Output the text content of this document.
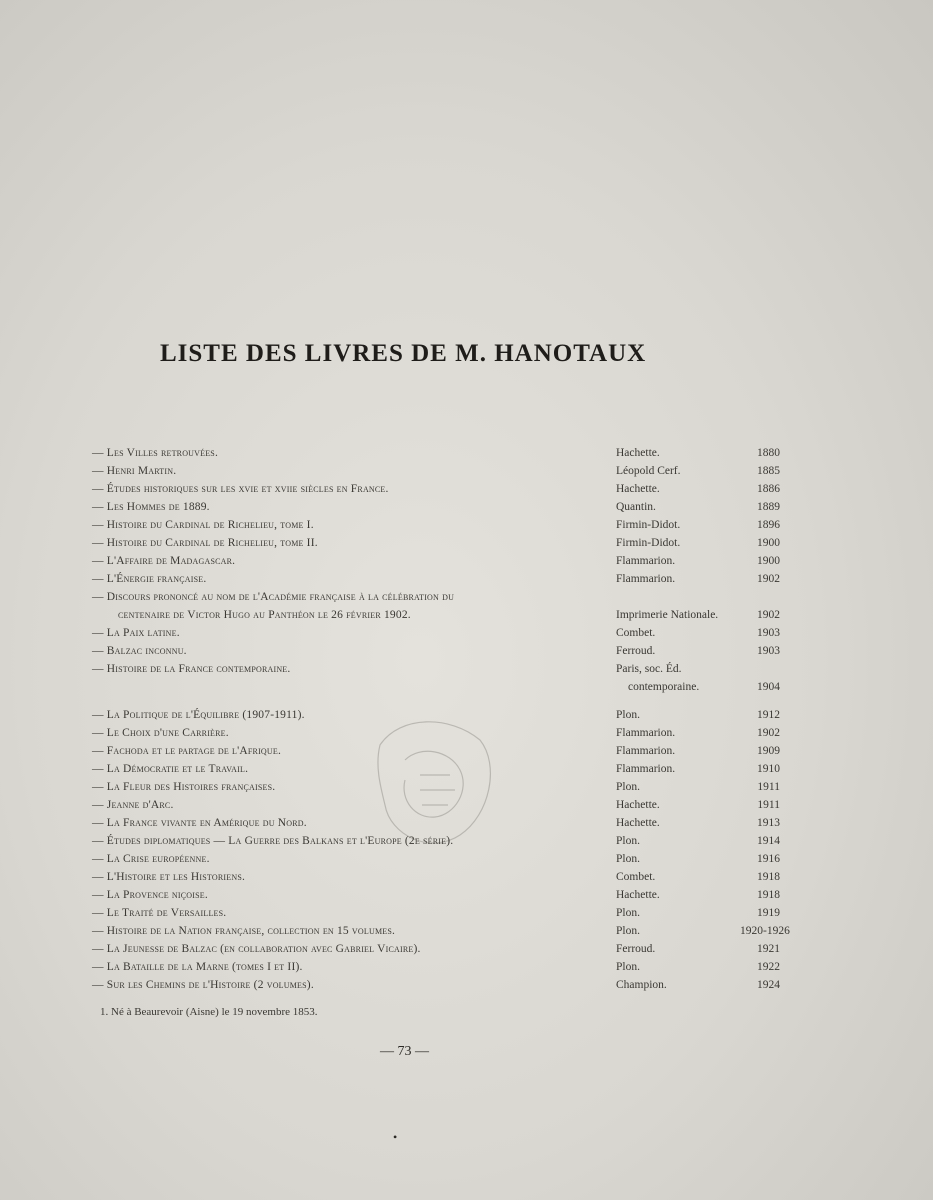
LISTE DES LIVRES DE M. HANOTAUX
— Les Villes retrouvées.	Hachette.	1880
— Henri Martin.	Léopold Cerf.	1885
— Études historiques sur les xvie et xviie siècles en France.	Hachette.	1886
— Les Hommes de 1889.	Quantin.	1889
— Histoire du Cardinal de Richelieu, tome I.	Firmin-Didot.	1896
— Histoire du Cardinal de Richelieu, tome II.	Firmin-Didot.	1900
— L'Affaire de Madagascar.	Flammarion.	1900
— L'Énergie française.	Flammarion.	1902
— Discours prononcé au nom de l'Académie française à la célébration du
centenaire de Victor Hugo au Panthéon le 26 février 1902.	Imprimerie Nationale.	1902
— La Paix latine.	Combet.	1903
— Balzac inconnu.	Ferroud.	1903
— Histoire de la France contemporaine.	Paris, soc. Éd.
contemporaine.	1904
— La Politique de l'Équilibre (1907-1911).	Plon.	1912
— Le Choix d'une Carrière.	Flammarion.	1902
— Fachoda et le partage de l'Afrique.	Flammarion.	1909
— La Démocratie et le Travail.	Flammarion.	1910
— La Fleur des Histoires françaises.	Plon.	1911
— Jeanne d'Arc.	Hachette.	1911
— La France vivante en Amérique du Nord.	Hachette.	1913
— Études diplomatiques — La Guerre des Balkans et l'Europe (2e série).	Plon.	1914
— La Crise européenne.	Plon.	1916
— L'Histoire et les Historiens.	Combet.	1918
— La Provence niçoise.	Hachette.	1918
— Le Traité de Versailles.	Plon.	1919
— Histoire de la Nation française, collection en 15 volumes.	Plon.	1920-1926
— La Jeunesse de Balzac (en collaboration avec Gabriel Vicaire).	Ferroud.	1921
— La Bataille de la Marne (tomes I et II).	Plon.	1922
— Sur les Chemins de l'Histoire (2 volumes).	Champion.	1924
1. Né à Beaurevoir (Aisne) le 19 novembre 1853.
— 73 —
•
